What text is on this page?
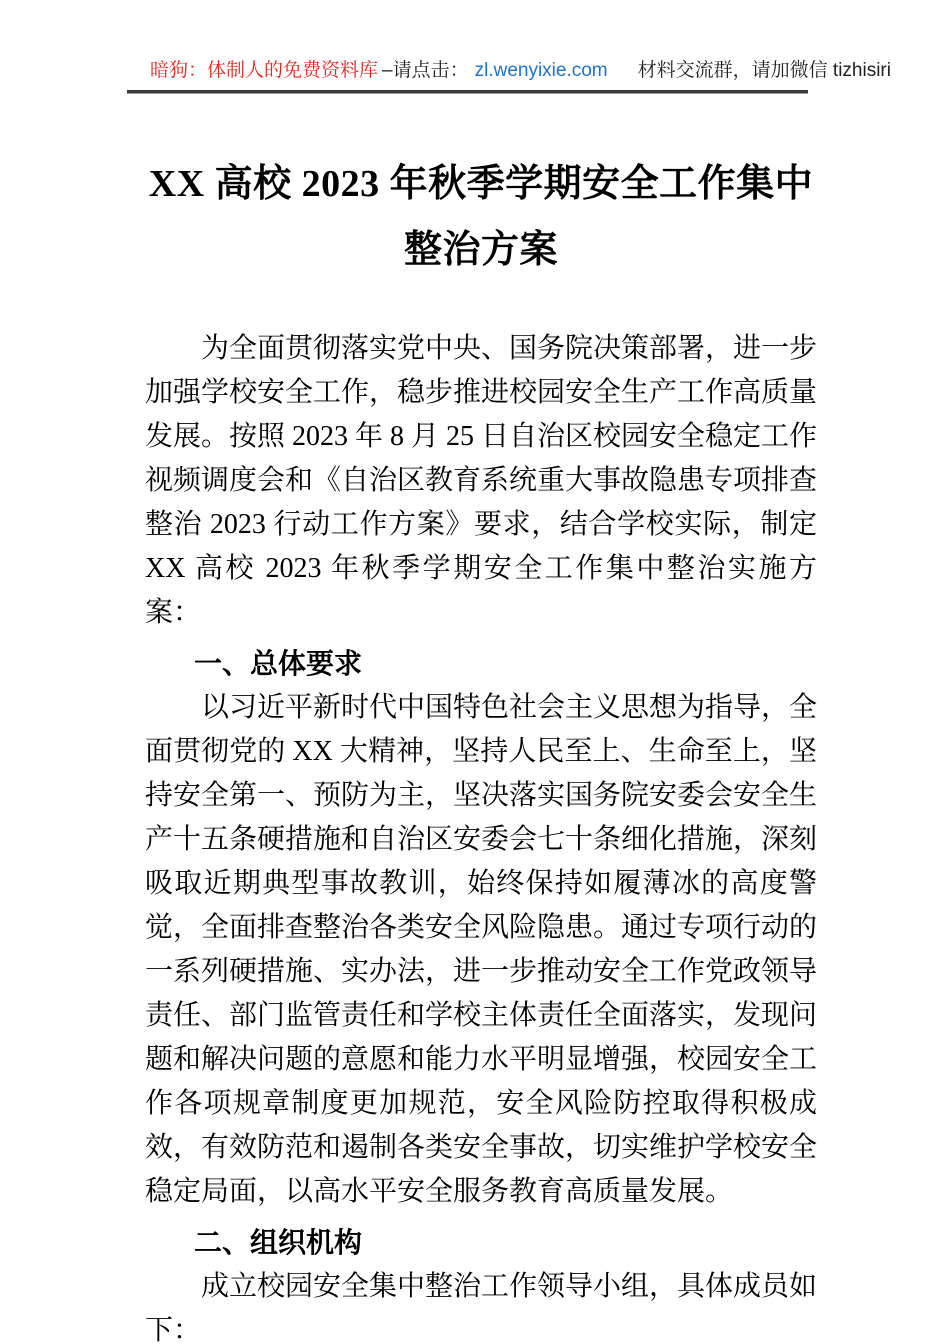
暗狗：体制人的免费资料库 –请点击： zl.wenyixie.com 材料交流群，请加微信 tizhisiri
XX 高校 2023 年秋季学期安全工作集中整治方案

为全面贯彻落实党中央、国务院决策部署，进一步加强学校安全工作，稳步推进校园安全生产工作高质量发展。按照 2023 年 8 月 25 日自治区校园安全稳定工作视频调度会和《自治区教育系统重大事故隐患专项排查整治 2023 行动工作方案》要求，结合学校实际，制定 XX 高校 2023 年秋季学期安全工作集中整治实施方案：

一、总体要求

以习近平新时代中国特色社会主义思想为指导，全面贯彻党的 XX 大精神，坚持人民至上、生命至上，坚持安全第一、预防为主，坚决落实国务院安委会安全生产十五条硬措施和自治区安委会七十条细化措施，深刻吸取近期典型事故教训，始终保持如履薄冰的高度警觉，全面排查整治各类安全风险隐患。通过专项行动的一系列硬措施、实办法，进一步推动安全工作党政领导责任、部门监管责任和学校主体责任全面落实，发现问题和解决问题的意愿和能力水平明显增强，校园安全工作各项规章制度更加规范，安全风险防控取得积极成效，有效防范和遏制各类安全事故，切实维护学校安全稳定局面，以高水平安全服务教育高质量发展。

二、组织机构

成立校园安全集中整治工作领导小组，具体成员如下：
